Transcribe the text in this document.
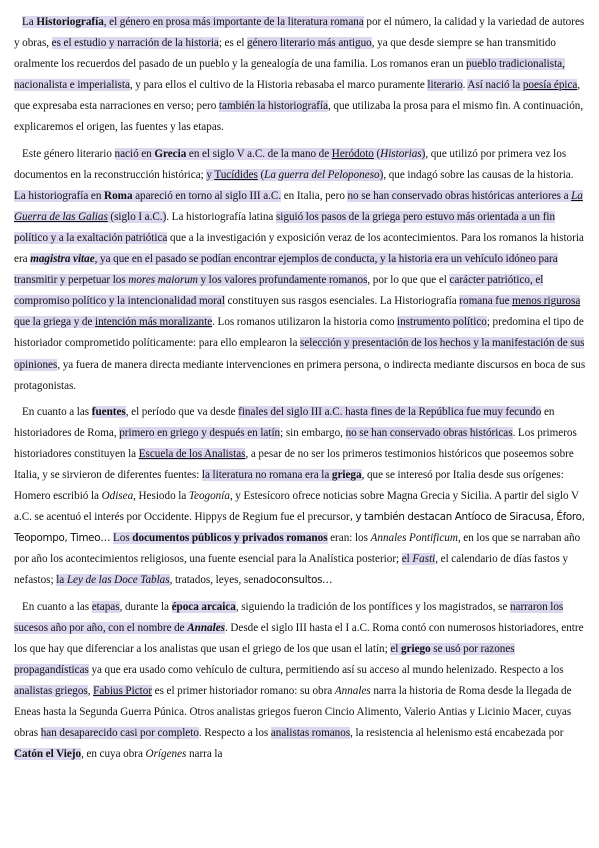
La Historiografía, el género en prosa más importante de la literatura romana por el número, la calidad y la variedad de autores y obras, es el estudio y narración de la historia; es el género literario más antiguo, ya que desde siempre se han transmitido oralmente los recuerdos del pasado de un pueblo y la genealogía de una familia. Los romanos eran un pueblo tradicionalista, nacionalista e imperialista, y para ellos el cultivo de la Historia rebasaba el marco puramente literario. Así nació la poesía épica, que expresaba esta narraciones en verso; pero también la historiografía, que utilizaba la prosa para el mismo fin. A continuación, explicaremos el origen, las fuentes y las etapas.

Este género literario nació en Grecia en el siglo V a.C. de la mano de Heródoto (Historias), que utilizó por primera vez los documentos en la reconstrucción histórica; y Tucídides (La guerra del Peloponeso), que indagó sobre las causas de la historia. La historiografía en Roma apareció en torno al siglo III a.C. en Italia, pero no se han conservado obras históricas anteriores a La Guerra de las Galias (siglo I a.C.). La historiografía latina siguió los pasos de la griega pero estuvo más orientada a un fin político y a la exaltación patriótica que a la investigación y exposición veraz de los acontecimientos. Para los romanos la historia era magistra vitae, ya que en el pasado se podían encontrar ejemplos de conducta, y la historia era un vehículo idóneo para transmitir y perpetuar los mores maiorum y los valores profundamente romanos, por lo que que el carácter patriótico, el compromiso político y la intencionalidad moral constituyen sus rasgos esenciales. La Historiografía romana fue menos rigurosa que la griega y de intención más moralizante. Los romanos utilizaron la historia como instrumento político; predomina el tipo de historiador comprometido políticamente: para ello emplearon la selección y presentación de los hechos y la manifestación de sus opiniones, ya fuera de manera directa mediante intervenciones en primera persona, o indirecta mediante discursos en boca de sus protagonistas.

En cuanto a las fuentes, el período que va desde finales del siglo III a.C. hasta fines de la República fue muy fecundo en historiadores de Roma, primero en griego y después en latín; sin embargo, no se han conservado obras históricas. Los primeros historiadores constituyen la Escuela de los Analistas, a pesar de no ser los primeros testimonios históricos que poseemos sobre Italia, y se sirvieron de diferentes fuentes: la literatura no romana era la griega, que se interesó por Italia desde sus orígenes: Homero escribió la Odisea, Hesiodo la Teogonía, y Estesícoro ofrece noticias sobre Magna Grecia y Sicilia. A partir del siglo V a.C. se acentuó el interés por Occidente. Hippys de Regium fue el precursor, y también destacan Antíoco de Siracusa, Éforo, Teopompo, Timeo… Los documentos públicos y privados romanos eran: los Annales Pontificum, en los que se narraban año por año los acontecimientos religiosos, una fuente esencial para la Analística posterior; el Fasti, el calendario de días fastos y nefastos; la Ley de las Doce Tablas, tratados, leyes, senadoconsultos…

En cuanto a las etapas, durante la época arcaica, siguiendo la tradición de los pontífices y los magistrados, se narraron los sucesos año por año, con el nombre de Annales. Desde el siglo III hasta el I a.C. Roma contó con numerosos historiadores, entre los que hay que diferenciar a los analistas que usan el griego de los que usan el latín; el griego se usó por razones propagandísticas ya que era usado como vehículo de cultura, permitiendo así su acceso al mundo helenizado. Respecto a los analistas griegos, Fabius Pictor es el primer historiador romano: su obra Annales narra la historia de Roma desde la llegada de Eneas hasta la Segunda Guerra Púnica. Otros analistas griegos fueron Cincio Alimento, Valerio Antias y Licinio Macer, cuyas obras han desaparecido casi por completo. Respecto a los analistas romanos, la resistencia al helenismo está encabezada por Catón el Viejo, en cuya obra Orígenes narra la
